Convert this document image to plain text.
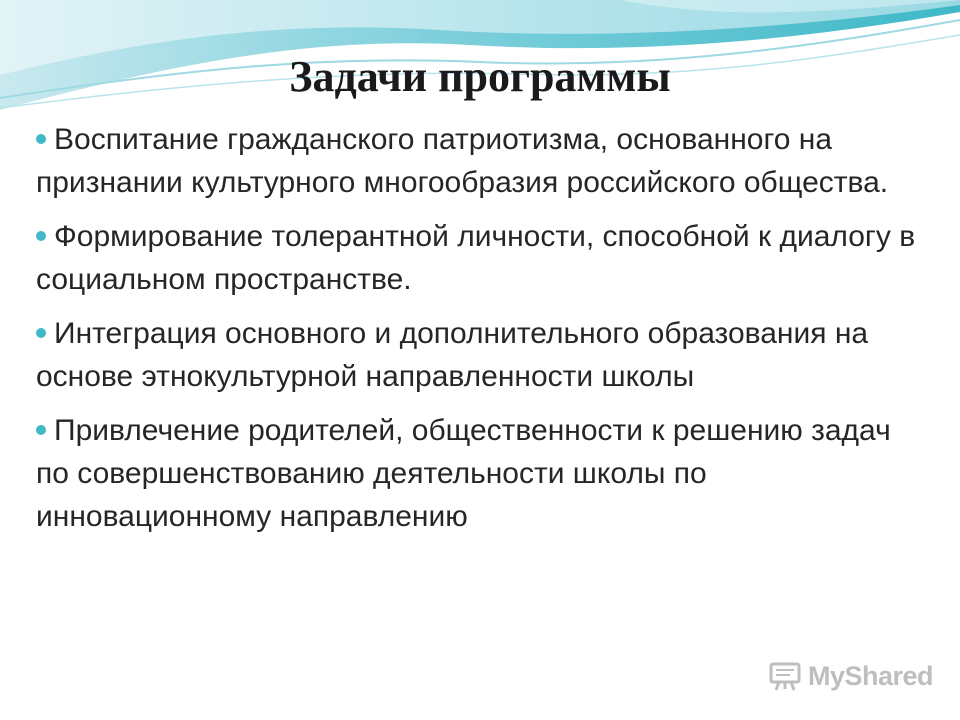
Задачи программы
Воспитание гражданского патриотизма, основанного на признании культурного многообразия российского общества.
Формирование толерантной личности, способной к диалогу в социальном пространстве.
Интеграция основного и дополнительного образования на основе этнокультурной направленности школы
Привлечение родителей, общественности к решению задач по совершенствованию деятельности школы по инновационному направлению
MyShared
